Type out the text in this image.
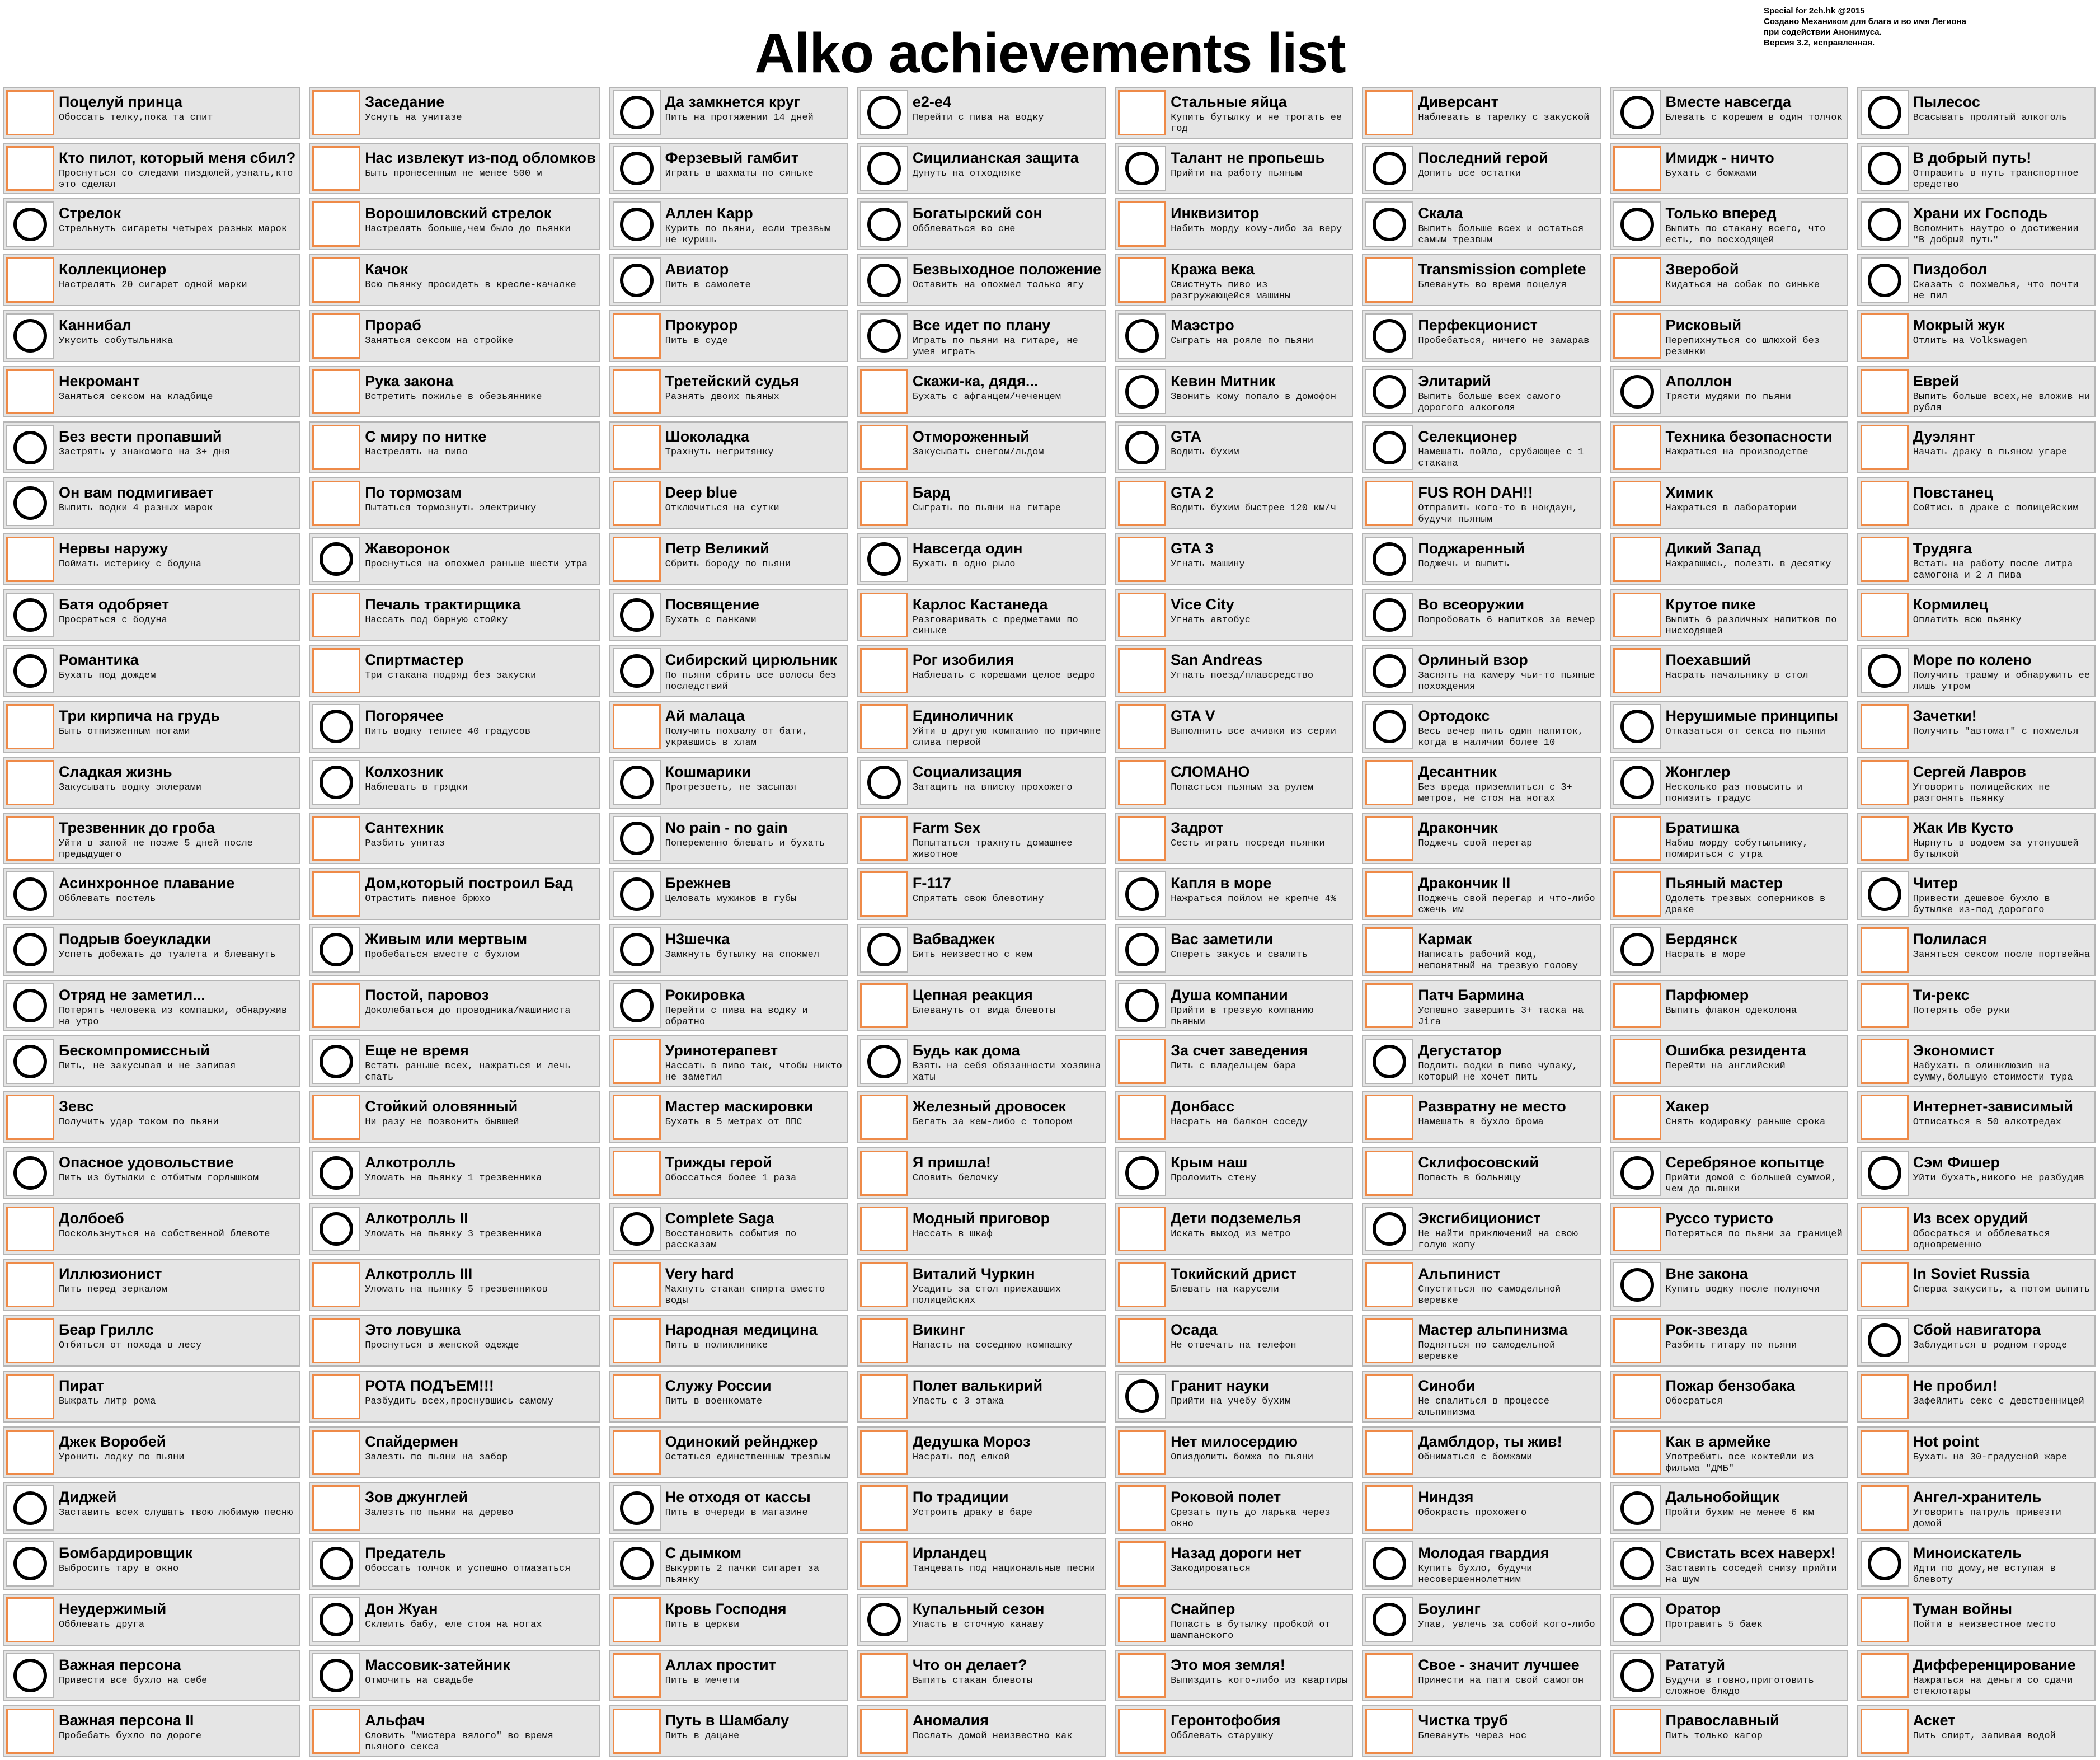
Alko achievements list
Special for 2ch.hk @2015
Создано Механиком для блага и во имя Легиона
при содействии Анонимуса.
Версия 3.2, исправленная.
Поцелуй принца
Обоссать телку,пока та спит
Кто пилот, который меня сбил?
Проснуться со следами пиздюлей,узнать,кто это сделал
Стрелок
Стрельнуть сигареты четырех разных марок
Коллекционер
Настрелять 20 сигарет одной марки
Каннибал
Укусить собутыльника
Некромант
Заняться сексом на кладбище
Без вести пропавший
Застрять у знакомого на 3+ дня
Он вам подмигивает
Выпить водки 4 разных марок
Нервы наружу
Поймать истерику с бодуна
Батя одобряет
Просраться с бодуна
Романтика
Бухать под дождем
Три кирпича на грудь
Быть отпизженным ногами
Сладкая жизнь
Закусывать водку эклерами
Трезвенник до гроба
Уйти в запой не позже 5 дней после предыдущего
Асинхронное плавание
Обблевать постель
Подрыв боеукладки
Успеть добежать до туалета и блевануть
Отряд не заметил...
Потерять человека из компашки, обнаружив на утро
Бескомпромиссный
Пить, не закусывая и не запивая
Зевс
Получить удар током по пьяни
Опасное удовольствие
Пить из бутылки с отбитым горлышком
Долбоеб
Поскользнуться на собственной блевоте
Иллюзионист
Пить перед зеркалом
Беар Гриллс
Отбиться от похода в лесу
Пират
Выжрать литр рома
Джек Воробей
Уронить лодку по пьяни
Диджей
Заставить всех слушать твою любимую песню
Бомбардировщик
Выбросить тару в окно
Неудержимый
Обблевать друга
Важная персона
Привести все бухло на себе
Важная персона II
Пробебать бухло по дороге
Заседание
Уснуть на унитазе
Нас извлекут из-под обломков
Быть пронесенным не менее 500 м
Ворошиловский стрелок
Настрелять больше,чем было до пьянки
Качок
Всю пьянку просидеть в кресле-качалке
Прораб
Заняться сексом на стройке
Рука закона
Встретить пожилье в обезьяннике
С миру по нитке
Настрелять на пиво
По тормозам
Пытаться тормознуть электричку
Жаворонок
Проснуться на опохмел раньше шести утра
Печаль трактирщика
Нассать под барную стойку
Спиртмастер
Три стакана подряд без закуски
Погорячее
Пить водку теплее 40 градусов
Колхозник
Наблевать в грядки
Сантехник
Разбить унитаз
Дом,который построил Бад
Отрастить пивное брюхо
Живым или мертвым
Пробебаться вместе с бухлом
Постой, паровоз
Доколебаться до проводника/машиниста
Еще не время
Встать раньше всех, нажраться и лечь спать
Стойкий оловянный
Ни разу не позвонить бывшей
Алкотролль
Уломать на пьянку 1 трезвенника
Алкотролль II
Уломать на пьянку 3 трезвенника
Алкотролль III
Уломать на пьянку 5 трезвенников
Это ловушка
Проснуться в женской одежде
РОТА ПОДЪЕМ!!!
Разбудить всех,проснувшись самому
Спайдермен
Залезть по пьяни на забор
Зов джунглей
Залезть по пьяни на дерево
Предатель
Обоссать толчок и успешно отмазаться
Дон Жуан
Склеить бабу, еле стоя на ногах
Массовик-затейник
Отмочить на свадьбе
Альфач
Словить "мистера вялого" во время пьяного секса
Да замкнется круг
Пить на протяжении 14 дней
Ферзевый гамбит
Играть в шахматы по синьке
Аллен Карр
Курить по пьяни, если трезвым не куришь
Авиатор
Пить в самолете
Прокурор
Пить в суде
Третейский судья
Разнять двоих пьяных
Шоколадка
Трахнуть негритянку
Deep blue
Отключиться на сутки
Петр Великий
Сбрить бороду по пьяни
Посвящение
Бухать с панками
Сибирский цирюльник
По пьяни сбрить все волосы без последствий
Ай малаца
Получить похвалу от бати, укравшись в хлам
Кошмарики
Протрезветь, не засыпая
No pain - no gain
Попеременно блевать и бухать
Брежнев
Целовать мужиков в губы
Н3шечка
Замкнуть бутылку на спокмел
Рокировка
Перейти с пива на водку и обратно
Уринотерапевт
Нассать в пиво так, чтобы никто не заметил
Мастер маскировки
Бухать в 5 метрах от ППС
Трижды герой
Обоссаться более 1 раза
Complete Saga
Восстановить события по рассказам
Very hard
Махнуть стакан спирта вместо воды
Народная медицина
Пить в поликлинике
Служу России
Пить в военкомате
Одинокий рейнджер
Остаться единственным трезвым
Не отходя от кассы
Пить в очереди в магазине
С дымком
Выкурить 2 пачки сигарет за пьянку
Кровь Господня
Пить в церкви
Аллах простит
Пить в мечети
Путь в Шамбалу
Пить в дацане
e2-e4
Перейти с пива на водку
Сицилианская защита
Дунуть на отходняке
Богатырский сон
Обблеваться во сне
Безвыходное положение
Оставить на опохмел только ягу
Все идет по плану
Играть по пьяни на гитаре, не умея играть
Скажи-ка, дядя...
Бухать с афганцем/чеченцем
Отмороженный
Закусывать снегом/льдом
Бард
Сыграть по пьяни на гитаре
Навсегда один
Бухать в одно рыло
Карлос Кастанеда
Разговаривать с предметами по синьке
Рог изобилия
Наблевать с корешами целое ведро
Единоличник
Уйти в другую компанию по причине слива первой
Социализация
Затащить на вписку прохожего
Farm Sex
Попытаться трахнуть домашнее животное
F-117
Спрятать свою блевотину
Вабваджек
Бить неизвестно с кем
Цепная реакция
Блевануть от вида блевоты
Будь как дома
Взять на себя обязанности хозяина хаты
Железный дровосек
Бегать за кем-либо с топором
Я пришла!
Словить белочку
Модный приговор
Нассать в шкаф
Виталий Чуркин
Усадить за стол приехавших полицейских
Викинг
Напасть на соседнюю компашку
Полет валькирий
Упасть с 3 этажа
Дедушка Мороз
Насрать под елкой
По традиции
Устроить драку в баре
Ирландец
Танцевать под национальные песни
Купальный сезон
Упасть в сточную канаву
Что он делает?
Выпить стакан блевоты
Аномалия
Послать домой неизвестно как
Стальные яйца
Купить бутылку и не трогать ее год
Талант не пропьешь
Прийти на работу пьяным
Инквизитор
Набить морду кому-либо за веру
Кража века
Свистнуть пиво из разгружающейся машины
Маэстро
Сыграть на рояле по пьяни
Кевин Митник
Звонить кому попало в домофон
GTA
Водить бухим
GTA 2
Водить бухим быстрее 120 км/ч
GTA 3
Угнать машину
Vice City
Угнать автобус
San Andreas
Угнать поезд/плавсредство
GTA V
Выполнить все ачивки из серии
СЛОМАНО
Попасться пьяным за рулем
Задрот
Сесть играть посреди пьянки
Капля в море
Нажраться пойлом не крепче 4%
Вас заметили
Спереть закусь и свалить
Душа компании
Прийти в трезвую компанию пьяным
За счет заведения
Пить с владельцем бара
Донбасс
Насрать на балкон соседу
Крым наш
Проломить стену
Дети подземелья
Искать выход из метро
Токийский дрист
Блевать на карусели
Осада
Не отвечать на телефон
Гранит науки
Прийти на учебу бухим
Нет милосердию
Опиздюлить бомжа по пьяни
Роковой полет
Срезать путь до ларька через окно
Назад дороги нет
Закодироваться
Снайпер
Попасть в бутылку пробкой от шампанского
Это моя земля!
Выпиздить кого-либо из квартиры
Геронтофобия
Обблевать старушку
Диверсант
Наблевать в тарелку с закуской
Последний герой
Допить все остатки
Скала
Выпить больше всех и остаться самым трезвым
Transmission complete
Блевануть во время поцелуя
Перфекционист
Пробебаться, ничего не замарав
Элитарий
Выпить больше всех самого дорогого алкоголя
Селекционер
Намешать пойло, срубающее с 1 стакана
FUS ROH DAH!!
Отправить кого-то в нокдаун, будучи пьяным
Поджаренный
Поджечь и выпить
Во всеоружии
Попробовать 6 напитков за вечер
Орлиный взор
Заснять на камеру чьи-то пьяные похождения
Ортодокс
Весь вечер пить один напиток, когда в наличии более 10
Десантник
Без вреда приземлиться с 3+ метров, не стоя на ногах
Дракончик
Поджечь свой перегар
Дракончик II
Поджечь свой перегар и что-либо сжечь им
Кармак
Написать рабочий код, непонятный на трезвую голову
Патч Бармина
Успешно завершить 3+ таска на Jira
Дегустатор
Подлить водки в пиво чуваку, который не хочет пить
Развратну не место
Намешать в бухло брома
Склифосовский
Попасть в больницу
Эксгибиционист
Не найти приключений на свою голую жопу
Альпинист
Спуститься по самодельной веревке
Мастер альпинизма
Подняться по самодельной веревке
Синоби
Не спалиться в процессе альпинизма
Дамблдор, ты жив!
Обниматься с бомжами
Ниндзя
Обокрасть прохожего
Молодая гвардия
Купить бухло, будучи несовершеннолетним
Боулинг
Упав, увлечь за собой кого-либо
Свое - значит лучшее
Принести на пати свой самогон
Чистка труб
Блевануть через нос
Вместе навсегда
Блевать с корешем в один толчок
Имидж - ничто
Бухать с бомжами
Только вперед
Выпить по стакану всего, что есть, по восходящей
Зверобой
Кидаться на собак по синьке
Рисковый
Перепихнуться со шлюхой без резинки
Аполлон
Трясти мудями по пьяни
Техника безопасности
Нажраться на производстве
Химик
Нажраться в лаборатории
Дикий Запад
Нажравшись, полезть в десятку
Крутое пике
Выпить 6 различных напитков по нисходящей
Поехавший
Насрать начальнику в стол
Нерушимые принципы
Отказаться от секса по пьяни
Жонглер
Несколько раз повысить и понизить градус
Братишка
Набив морду собутыльнику, помириться с утра
Пьяный мастер
Одолеть трезвых соперников в драке
Бердянск
Насрать в море
Парфюмер
Выпить флакон одеколона
Ошибка резидента
Перейти на английский
Хакер
Снять кодировку раньше срока
Серебряное копытце
Прийти домой с большей суммой, чем до пьянки
Руссо туристо
Потеряться по пьяни за границей
Вне закона
Купить водку после полуночи
Рок-звезда
Разбить гитару по пьяни
Пожар бензобака
Обосраться
Как в армейке
Употребить все коктейли из фильма "ДМБ"
Дальнобойщик
Пройти бухим не менее 6 км
Свистать всех наверх!
Заставить соседей снизу прийти на шум
Оратор
Протравить 5 баек
Рататуй
Будучи в говно,приготовить сложное блюдо
Православный
Пить только кагор
Пылесос
Всасывать пролитый алкоголь
В добрый путь!
Отправить в путь транспортное средство
Храни их Господь
Вспомнить наутро о достижении "В добрый путь"
Пиздобол
Сказать с похмелья, что почти не пил
Мокрый жук
Отлить на Volkswagen
Еврей
Выпить больше всех,не вложив ни рубля
Дуэлянт
Начать драку в пьяном угаре
Повстанец
Сойтись в драке с полицейским
Трудяга
Встать на работу после литра самогона и 2 л пива
Кормилец
Оплатить всю пьянку
Море по колено
Получить травму и обнаружить ее лишь утром
Зачетки!
Получить "автомат" с похмелья
Сергей Лавров
Уговорить полицейских не разгонять пьянку
Жак Ив Кусто
Нырнуть в водоем за утонувшей бутылкой
Читер
Привести дешевое бухло в бутылке из-под дорогого
Полилася
Заняться сексом после портвейна
Ти-рекс
Потерять обе руки
Экономист
Набухать в олинклюзив на сумму,большую стоимости тура
Интернет-зависимый
Отписаться в 50 алкотредах
Сэм Фишер
Уйти бухать,никого не разбудив
Из всех орудий
Обосраться и обблеваться одновременно
In Soviet Russia
Сперва закусить, а потом выпить
Сбой навигатора
Заблудиться в родном городе
Не пробил!
Зафейлить секс с девственницей
Hot point
Бухать на 30-градусной жаре
Ангел-хранитель
Уговорить патруль привезти домой
Миноискатель
Идти по дому,не вступая в блевоту
Туман войны
Пойти в неизвестное место
Дифференцирование
Нажраться на деньги со сдачи стеклотары
Аскет
Пить спирт, запивая водой
